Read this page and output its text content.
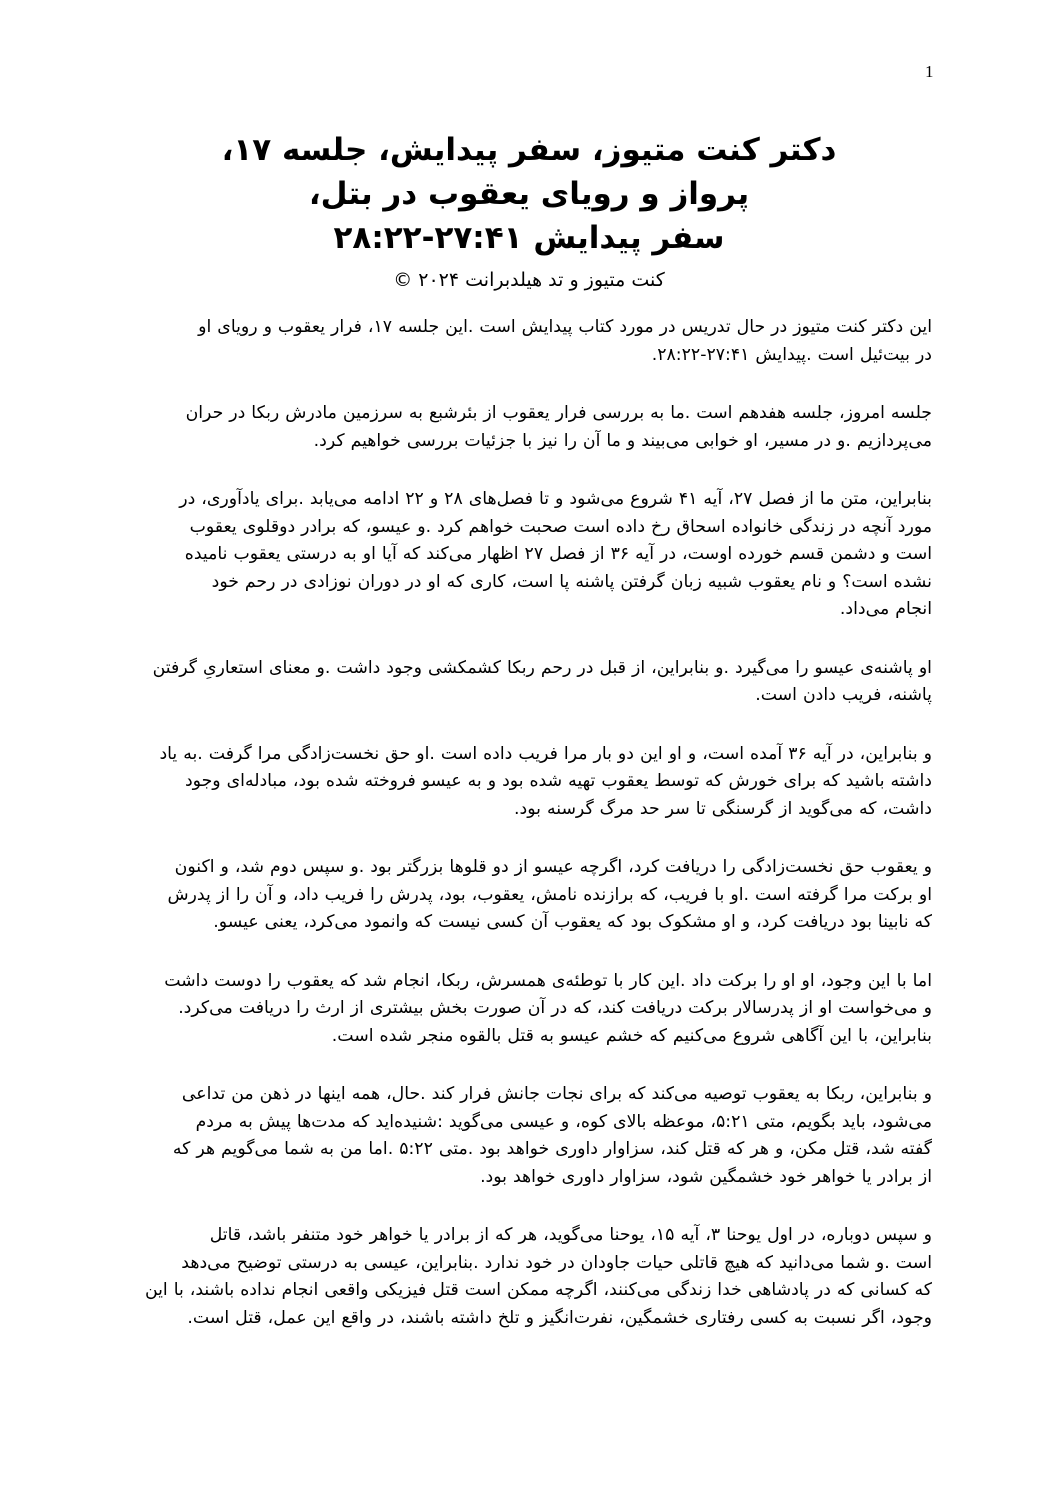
1
دکتر کنت متیوز، سفر پیدایش، جلسه ۱۷،
پرواز و رویای یعقوب در بتل،
سفر پیدایش ۲۷:۴۱-۲۸:۲۲
کنت متیوز و تد هیلدبرانت ۲۰۲۴ ©
این دکتر کنت متیوز در حال تدریس در مورد کتاب پیدایش است .این جلسه ۱۷، فرار یعقوب و رویای او
در بیت‌ئیل است .پیدایش ۲۷:۴۱-۲۸:۲۲.
جلسه امروز، جلسه هفدهم است .ما به بررسی فرار یعقوب از بئرشبع به سرزمین مادرش ربکا در حران
می‌پردازیم .و در مسیر، او خوابی می‌بیند و ما آن را نیز با جزئیات بررسی خواهیم کرد.
بنابراین، متن ما از فصل ۲۷، آیه ۴۱ شروع می‌شود و تا فصل‌های ۲۸ و ۲۲ ادامه می‌یابد .برای یادآوری، در
مورد آنچه در زندگی خانواده اسحاق رخ داده است صحبت خواهم کرد .و عیسو، که برادر دوقلوی یعقوب
است و دشمن قسم خورده اوست، در آیه ۳۶ از فصل ۲۷ اظهار می‌کند که آیا او به درستی یعقوب نامیده
نشده است؟ و نام یعقوب شبیه زبان گرفتن پاشنه پا است، کاری که او در دوران نوزادی در رحم خود
انجام می‌داد.
او پاشنه‌ی عیسو را می‌گیرد .و بنابراین، از قبل در رحم ربکا کشمکشی وجود داشت .و معنای استعاریِ گرفتن
پاشنه، فریب دادن است.
و بنابراین، در آیه ۳۶ آمده است، و او این دو بار مرا فریب داده است .او حق نخست‌زادگی مرا گرفت .به یاد
داشته باشید که برای خورش که توسط یعقوب تهیه شده بود و به عیسو فروخته شده بود، مبادله‌ای وجود
داشت، که می‌گوید از گرسنگی تا سر حد مرگ گرسنه بود.
و یعقوب حق نخست‌زادگی را دریافت کرد، اگرچه عیسو از دو قلوها بزرگتر بود .و سپس دوم شد، و اکنون
او برکت مرا گرفته است .او با فریب، که برازنده نامش، یعقوب، بود، پدرش را فریب داد، و آن را از پدرش
که نابینا بود دریافت کرد، و او مشکوک بود که یعقوب آن کسی نیست که وانمود می‌کرد، یعنی عیسو.
اما با این وجود، او او را برکت داد .این کار با توطئه‌ی همسرش، ربکا، انجام شد که یعقوب را دوست داشت
و می‌خواست او از پدرسالار برکت دریافت کند، که در آن صورت بخش بیشتری از ارث را دریافت می‌کرد.
بنابراین، با این آگاهی شروع می‌کنیم که خشم عیسو به قتل بالقوه منجر شده است.
و بنابراین، ربکا به یعقوب توصیه می‌کند که برای نجات جانش فرار کند .حال، همه اینها در ذهن من تداعی
می‌شود، باید بگویم، متی ۵:۲۱، موعظه بالای کوه، و عیسی می‌گوید :شنیده‌اید که مدت‌ها پیش به مردم
گفته شد، قتل مکن، و هر که قتل کند، سزاوار داوری خواهد بود .متی ۵:۲۲ .اما من به شما می‌گویم هر که
از برادر یا خواهر خود خشمگین شود، سزاوار داوری خواهد بود.
و سپس دوباره، در اول یوحنا ۳، آیه ۱۵، یوحنا می‌گوید، هر که از برادر یا خواهر خود متنفر باشد، قاتل
است .و شما می‌دانید که هیچ قاتلی حیات جاودان در خود ندارد .بنابراین، عیسی به درستی توضیح می‌دهد
که کسانی که در پادشاهی خدا زندگی می‌کنند، اگرچه ممکن است قتل فیزیکی واقعی انجام نداده باشند، با این
وجود، اگر نسبت به کسی رفتاری خشمگین، نفرت‌انگیز و تلخ داشته باشند، در واقع این عمل، قتل است.
